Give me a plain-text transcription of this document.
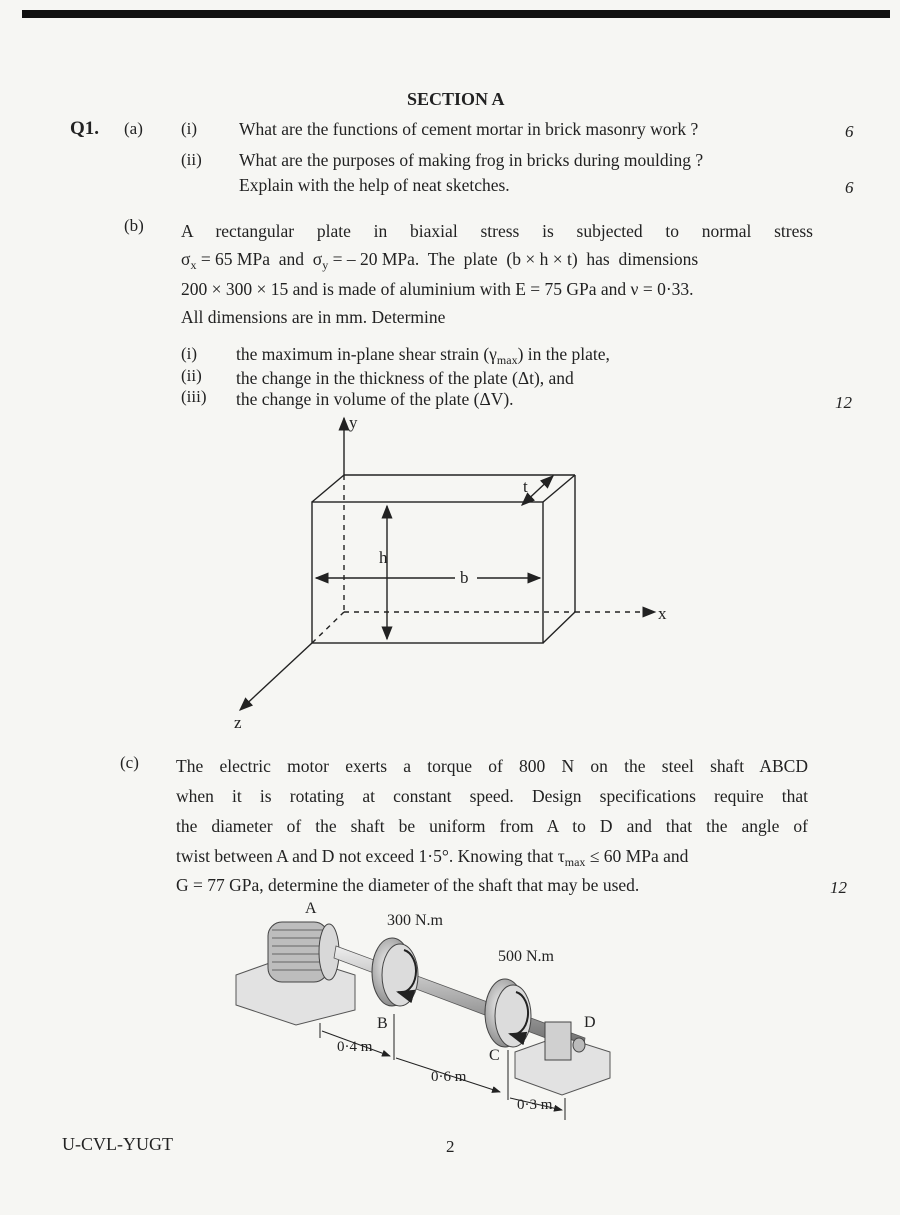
SECTION A
Q1. (a) (i) What are the functions of cement mortar in brick masonry work ?	6
(ii) What are the purposes of making frog in bricks during moulding ?
Explain with the help of neat sketches.	6
(b) A rectangular plate in biaxial stress is subjected to normal stress
$\sigma_x = 65$ MPa  and  $\sigma_y$ = – 20 MPa.  The  plate  (b × h × t)  has  dimensions
200 × 300 × 15 and is made of aluminium with E = 75 GPa and ν = 0·33.
All dimensions are in mm. Determine
(i) the maximum in-plane shear strain $(\gamma_{max})$ in the plate,
(ii) the change in the thickness of the plate (Δt), and
(iii) the change in volume of the plate (ΔV).	12
y
x
z
t
h
b
(c) The electric motor exerts a torque of 800 N on the steel shaft ABCD
when it is rotating at constant speed. Design specifications require that
the diameter of the shaft be uniform from A to D and that the angle of
twist between A and D not exceed 1·5°. Knowing that $\tau_{max} \le 60$ MPa and
G = 77 GPa, determine the diameter of the shaft that may be used.	12
A
300 N.m
500 N.m
B
C
D
0·4 m
0·6 m
0·3 m
U-CVL-YUGT	2
